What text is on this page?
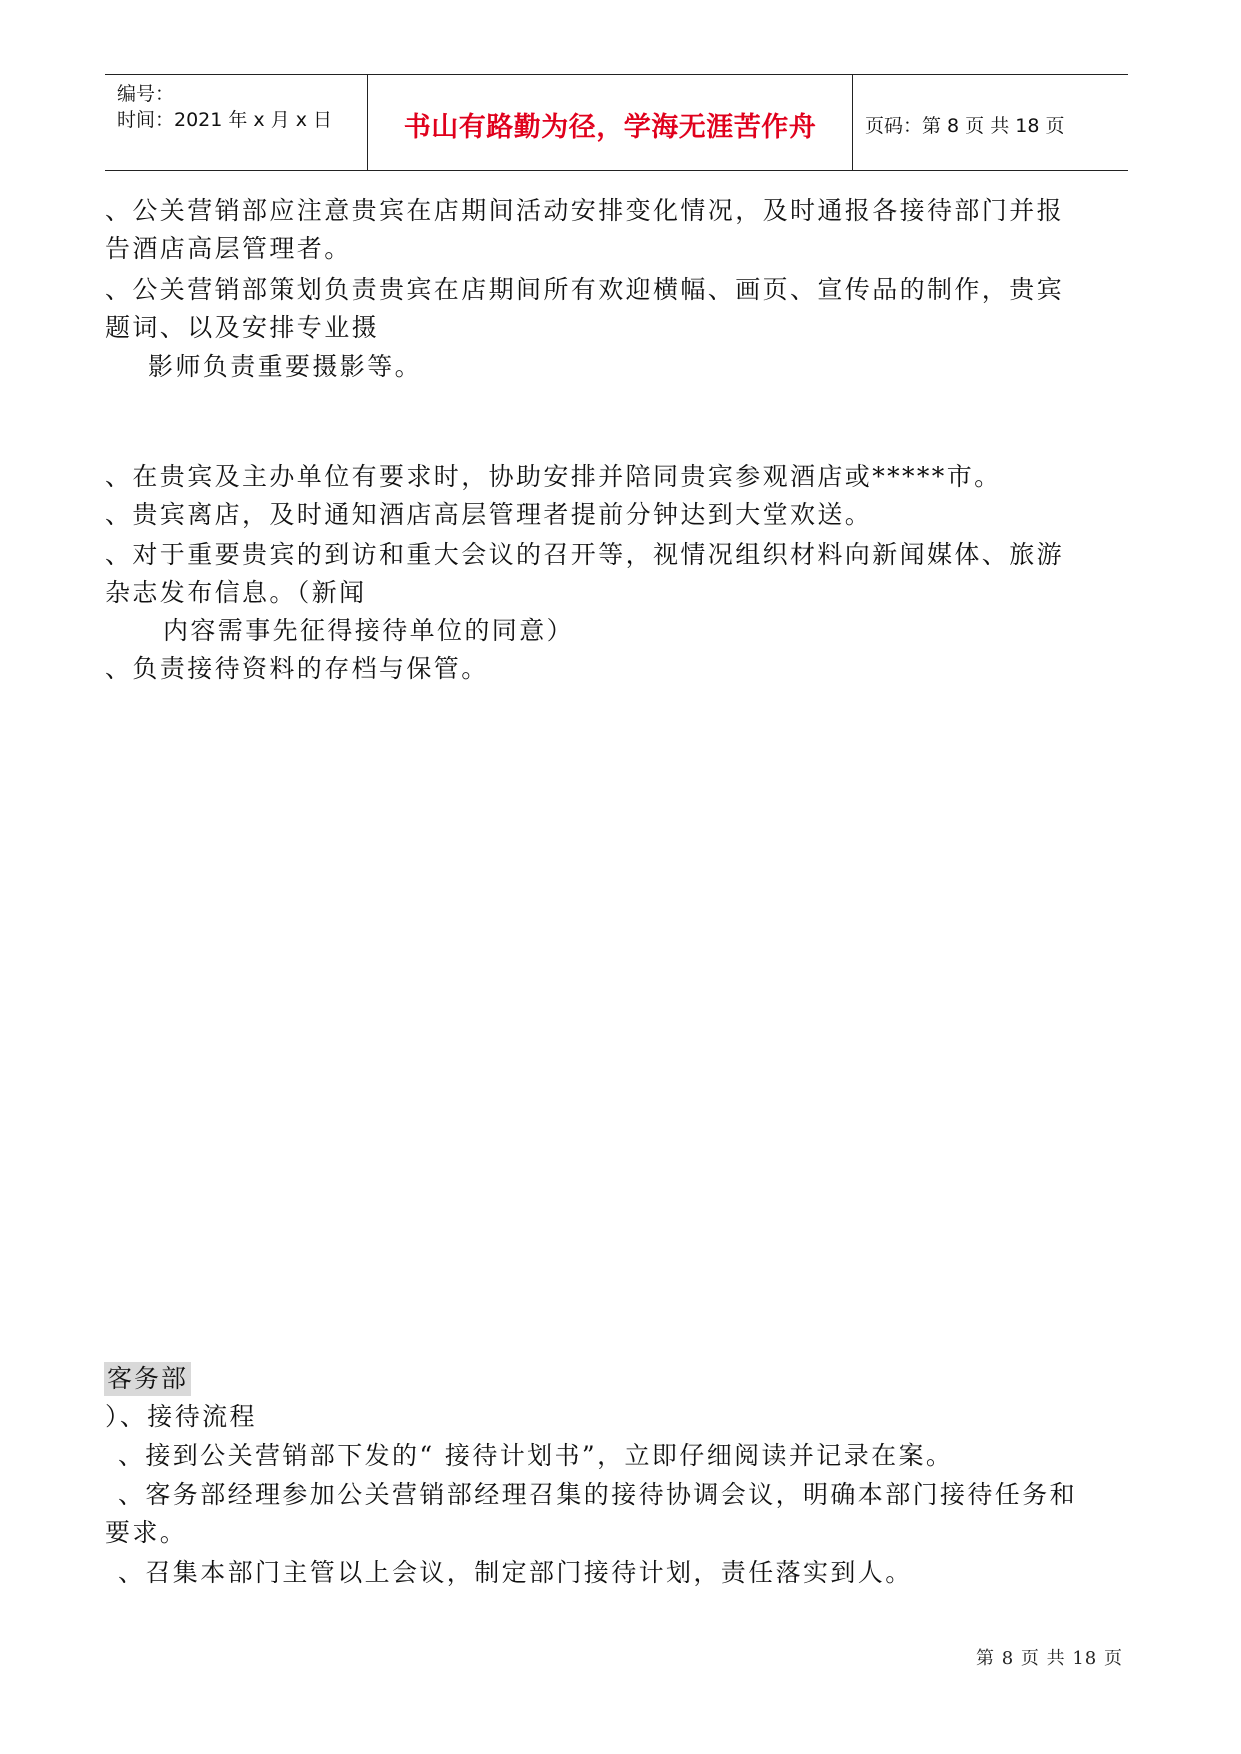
编号：
时间：2021 年 x 月 x 日	书山有路勤为径，学海无涯苦作舟	页码：第 8 页 共 18 页
、公关营销部应注意贵宾在店期间活动安排变化情况，及时通报各接待部门并报
告酒店高层管理者。
、公关营销部策划负责贵宾在店期间所有欢迎横幅、画页、宣传品的制作，贵宾
题词、以及安排专业摄
影师负责重要摄影等。
、在贵宾及主办单位有要求时，协助安排并陪同贵宾参观酒店或*****市。
、贵宾离店，及时通知酒店高层管理者提前分钟达到大堂欢送。
、对于重要贵宾的到访和重大会议的召开等，视情况组织材料向新闻媒体、旅游
杂志发布信息。（新闻
内容需事先征得接待单位的同意）
、负责接待资料的存档与保管。
客务部
）、接待流程
、接到公关营销部下发的“ 接待计划书”，立即仔细阅读并记录在案。
、客务部经理参加公关营销部经理召集的接待协调会议，明确本部门接待任务和
要求。
、召集本部门主管以上会议，制定部门接待计划，责任落实到人。
第 8 页 共 18 页
